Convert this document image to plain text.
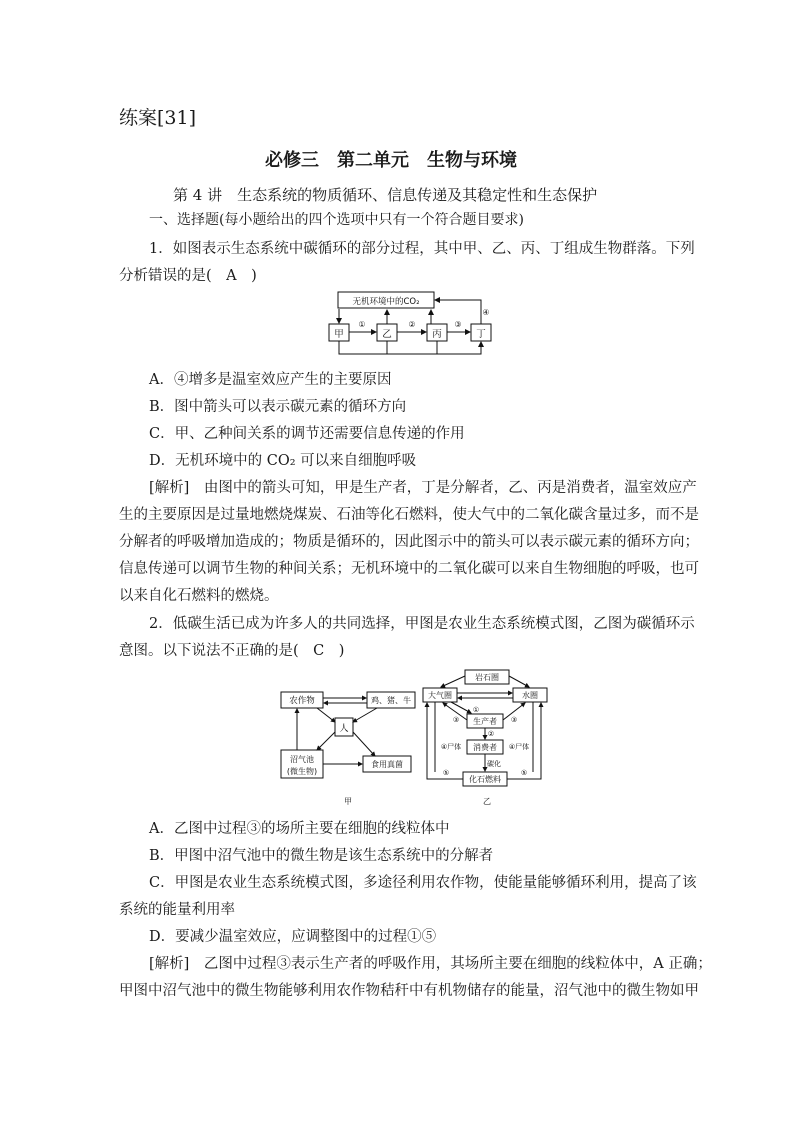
练案[31]
必修三　第二单元　生物与环境
第 4 讲　生态系统的物质循环、信息传递及其稳定性和生态保护
一、选择题(每小题给出的四个选项中只有一个符合题目要求)
1．如图表示生态系统中碳循环的部分过程，其中甲、乙、丙、丁组成生物群落。下列
分析错误的是(　A　)
无机环境中的CO₂
甲	乙	丙	丁
①	②	③
④
A．④增多是温室效应产生的主要原因
B．图中箭头可以表示碳元素的循环方向
C．甲、乙种间关系的调节还需要信息传递的作用
D．无机环境中的 CO₂ 可以来自细胞呼吸
[解析]　由图中的箭头可知，甲是生产者，丁是分解者，乙、丙是消费者，温室效应产
生的主要原因是过量地燃烧煤炭、石油等化石燃料，使大气中的二氧化碳含量过多，而不是
分解者的呼吸增加造成的；物质是循环的，因此图示中的箭头可以表示碳元素的循环方向；
信息传递可以调节生物的种间关系；无机环境中的二氧化碳可以来自生物细胞的呼吸，也可
以来自化石燃料的燃烧。
2．低碳生活已成为许多人的共同选择，甲图是农业生态系统模式图，乙图为碳循环示
意图。以下说法不正确的是(　C　)
农作物	鸡、猪、牛
人
沼气池
(微生物)
食用真菌
甲
岩石圈
大气圈	水圈
生产者
消费者
化石燃料
①
②
③	③
④尸体	④尸体
⑤	⑤
碳化
乙
A．乙图中过程③的场所主要在细胞的线粒体中
B．甲图中沼气池中的微生物是该生态系统中的分解者
C．甲图是农业生态系统模式图，多途径利用农作物，使能量能够循环利用，提高了该
系统的能量利用率
D．要减少温室效应，应调整图中的过程①⑤
[解析]　乙图中过程③表示生产者的呼吸作用，其场所主要在细胞的线粒体中，A 正确；
甲图中沼气池中的微生物能够利用农作物秸秆中有机物储存的能量，沼气池中的微生物如甲
